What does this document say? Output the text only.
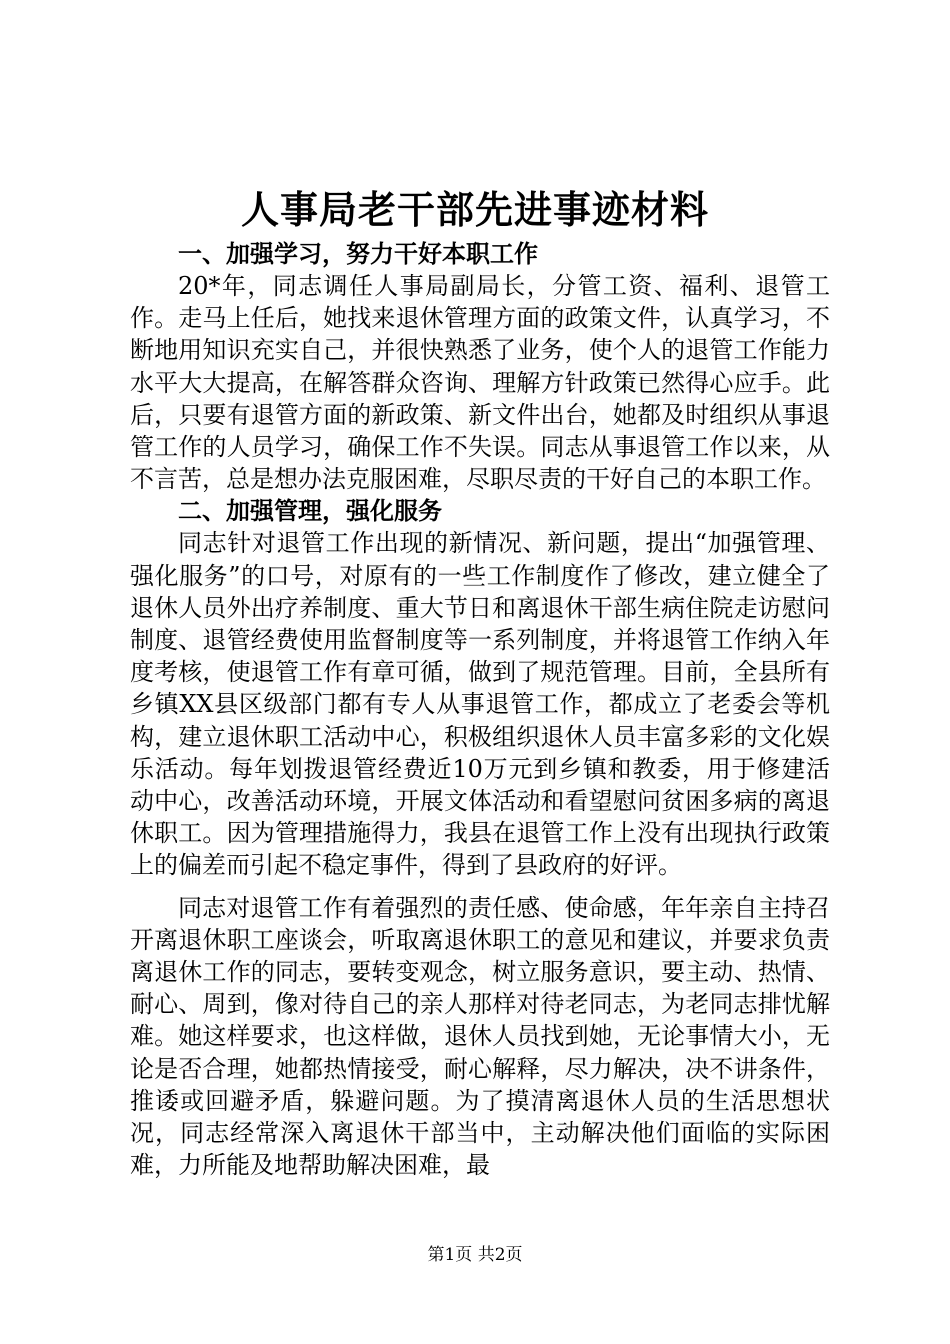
人事局老干部先进事迹材料
一、加强学习，努力干好本职工作

20*年，同志调任人事局副局长，分管工资、福利、退管工作。走马上任后，她找来退休管理方面的政策文件，认真学习，不断地用知识充实自己，并很快熟悉了业务，使个人的退管工作能力水平大大提高，在解答群众咨询、理解方针政策已然得心应手。此后，只要有退管方面的新政策、新文件出台，她都及时组织从事退管工作的人员学习，确保工作不失误。同志从事退管工作以来，从不言苦，总是想办法克服困难，尽职尽责的干好自己的本职工作。

二、加强管理，强化服务

同志针对退管工作出现的新情况、新问题，提出“加强管理、强化服务”的口号，对原有的一些工作制度作了修改，建立健全了退休人员外出疗养制度、重大节日和离退休干部生病住院走访慰问制度、退管经费使用监督制度等一系列制度，并将退管工作纳入年度考核，使退管工作有章可循，做到了规范管理。目前，全县所有乡镇XX县区级部门都有专人从事退管工作，都成立了老委会等机构，建立退休职工活动中心，积极组织退休人员丰富多彩的文化娱乐活动。每年划拨退管经费近10万元到乡镇和教委，用于修建活动中心，改善活动环境，开展文体活动和看望慰问贫困多病的离退休职工。因为管理措施得力，我县在退管工作上没有出现执行政策上的偏差而引起不稳定事件，得到了县政府的好评。

同志对退管工作有着强烈的责任感、使命感，年年亲自主持召开离退休职工座谈会，听取离退休职工的意见和建议，并要求负责离退休工作的同志，要转变观念，树立服务意识，要主动、热情、耐心、周到，像对待自己的亲人那样对待老同志，为老同志排忧解难。她这样要求，也这样做，退休人员找到她，无论事情大小，无论是否合理，她都热情接受，耐心解释，尽力解决，决不讲条件，推诿或回避矛盾，躲避问题。为了摸清离退休人员的生活思想状况，同志经常深入离退休干部当中，主动解决他们面临的实际困难，力所能及地帮助解决困难，最

第1页 共2页
